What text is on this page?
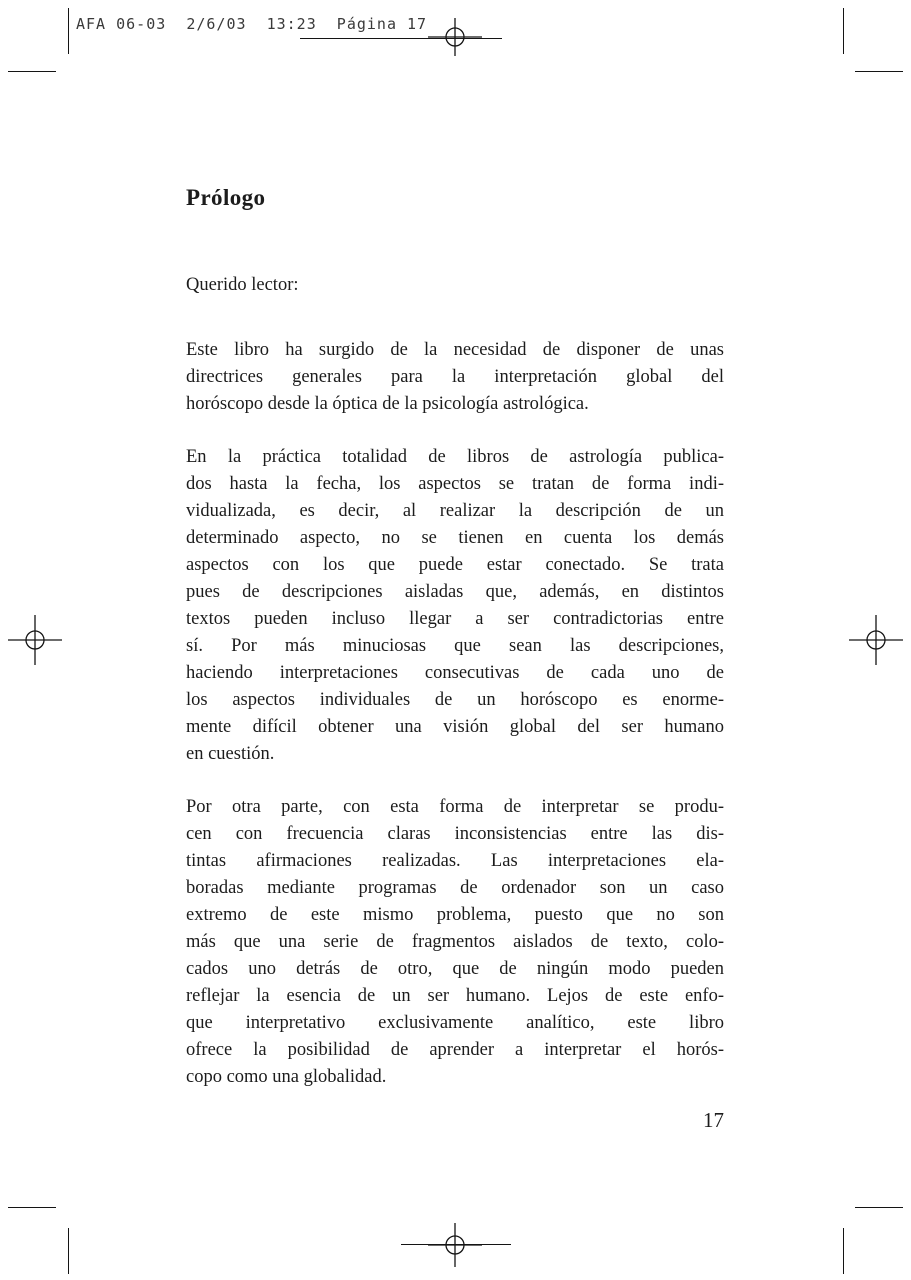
AFA 06-03  2/6/03  13:23  Página 17
Prólogo
Querido lector:
Este libro ha surgido de la necesidad de disponer de unas
directrices generales para la interpretación global del
horóscopo desde la óptica de la psicología astrológica.
En la práctica totalidad de libros de astrología publica-
dos hasta la fecha, los aspectos se tratan de forma indi-
vidualizada, es decir, al realizar la descripción de un
determinado aspecto, no se tienen en cuenta los demás
aspectos con los que puede estar conectado. Se trata
pues de descripciones aisladas que, además, en distintos
textos pueden incluso llegar a ser contradictorias entre
sí. Por más minuciosas que sean las descripciones,
haciendo interpretaciones consecutivas de cada uno de
los aspectos individuales de un horóscopo es enorme-
mente difícil obtener una visión global del ser humano
en cuestión.
Por otra parte, con esta forma de interpretar se produ-
cen con frecuencia claras inconsistencias entre las dis-
tintas afirmaciones realizadas. Las interpretaciones ela-
boradas mediante programas de ordenador son un caso
extremo de este mismo problema, puesto que no son
más que una serie de fragmentos aislados de texto, colo-
cados uno detrás de otro, que de ningún modo pueden
reflejar la esencia de un ser humano. Lejos de este enfo-
que interpretativo exclusivamente analítico, este libro
ofrece la posibilidad de aprender a interpretar el horós-
copo como una globalidad.
17
